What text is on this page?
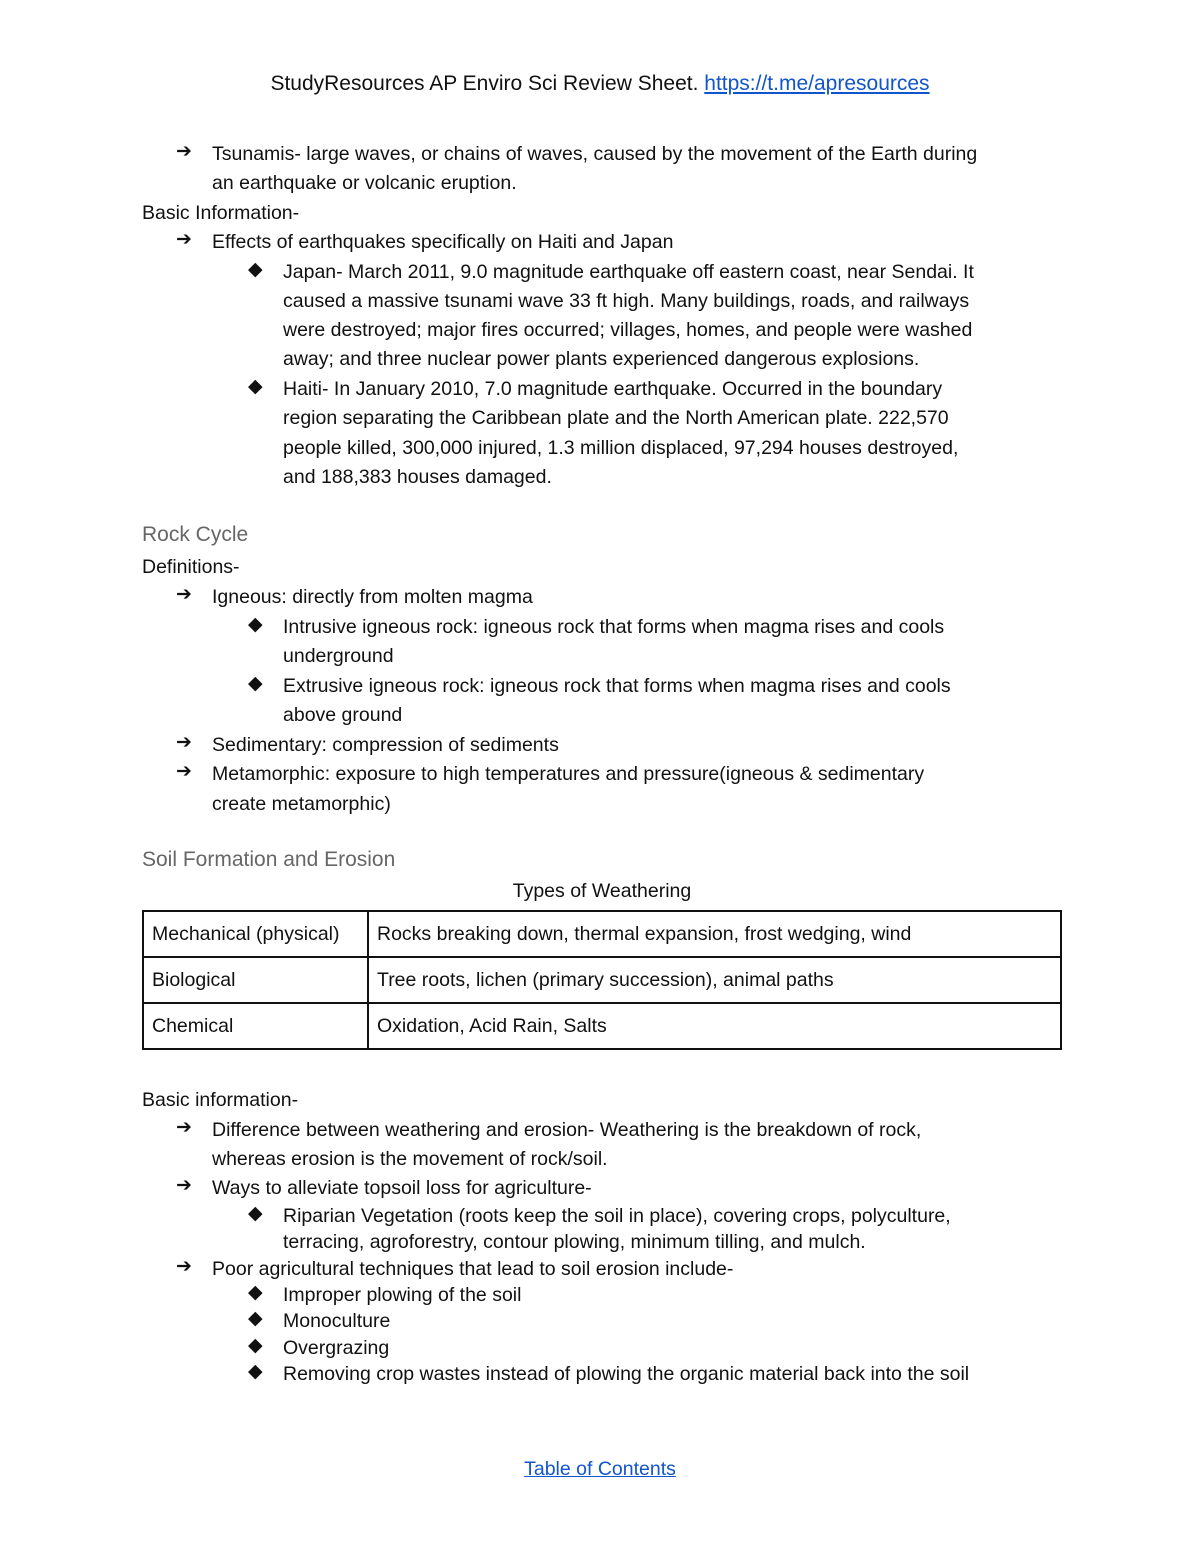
StudyResources AP Enviro Sci Review Sheet. https://t.me/apresources
➔ Tsunamis- large waves, or chains of waves, caused by the movement of the Earth during
an earthquake or volcanic eruption.
Basic Information-
➔ Effects of earthquakes specifically on Haiti and Japan
◆ Japan- March 2011, 9.0 magnitude earthquake off eastern coast, near Sendai. It
caused a massive tsunami wave 33 ft high. Many buildings, roads, and railways
were destroyed; major fires occurred; villages, homes, and people were washed
away; and three nuclear power plants experienced dangerous explosions.
◆ Haiti- In January 2010, 7.0 magnitude earthquake. Occurred in the boundary
region separating the Caribbean plate and the North American plate. 222,570
people killed, 300,000 injured, 1.3 million displaced, 97,294 houses destroyed,
and 188,383 houses damaged.
Rock Cycle
Definitions-
➔ Igneous: directly from molten magma
◆ Intrusive igneous rock: igneous rock that forms when magma rises and cools
underground
◆ Extrusive igneous rock: igneous rock that forms when magma rises and cools
above ground
➔ Sedimentary: compression of sediments
➔ Metamorphic: exposure to high temperatures and pressure(igneous & sedimentary
create metamorphic)
Soil Formation and Erosion
Types of Weathering
Mechanical (physical)	Rocks breaking down, thermal expansion, frost wedging, wind
Biological	Tree roots, lichen (primary succession), animal paths
Chemical	Oxidation, Acid Rain, Salts
Basic information-
➔ Difference between weathering and erosion- Weathering is the breakdown of rock,
whereas erosion is the movement of rock/soil.
➔ Ways to alleviate topsoil loss for agriculture-
◆ Riparian Vegetation (roots keep the soil in place), covering crops, polyculture,
terracing, agroforestry, contour plowing, minimum tilling, and mulch.
➔ Poor agricultural techniques that lead to soil erosion include-
◆ Improper plowing of the soil
◆ Monoculture
◆ Overgrazing
◆ Removing crop wastes instead of plowing the organic material back into the soil
Table of Contents
